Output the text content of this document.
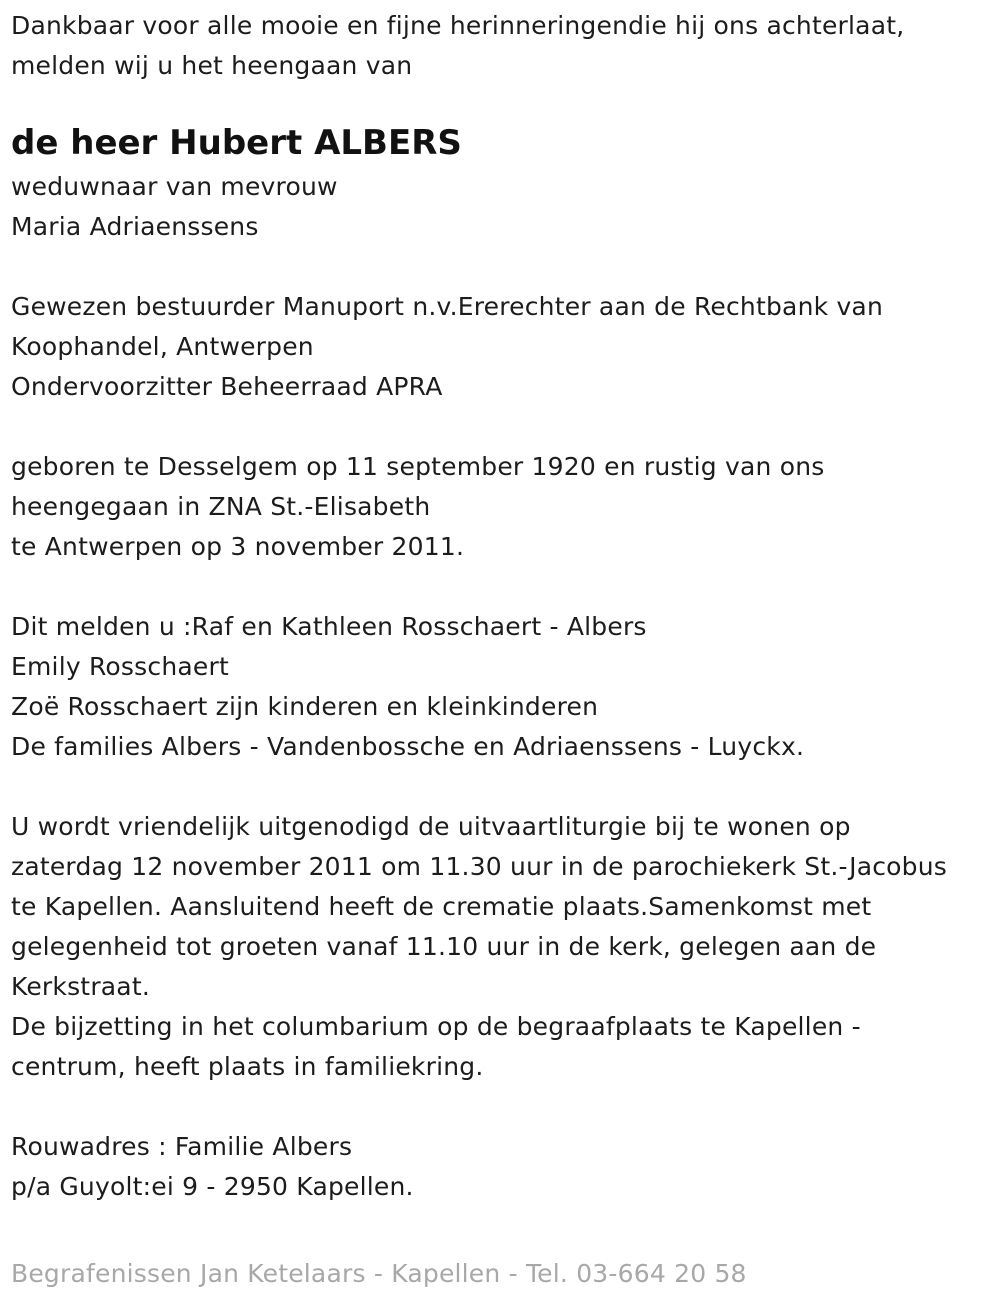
Dankbaar voor alle mooie en fijne herinneringendie hij ons achterlaat,
melden wij u het heengaan van
de heer Hubert ALBERS
weduwnaar van mevrouw
Maria Adriaenssens
Gewezen bestuurder Manuport n.v.Ererechter aan de Rechtbank van
Koophandel, Antwerpen
Ondervoorzitter Beheerraad APRA
geboren te Desselgem op 11 september 1920 en rustig van ons
heengegaan in ZNA St.-Elisabeth
te Antwerpen op 3 november 2011.
Dit melden u :Raf en Kathleen Rosschaert - Albers
Emily Rosschaert
Zoë Rosschaert zijn kinderen en kleinkinderen
De families Albers - Vandenbossche en Adriaenssens - Luyckx.
U wordt vriendelijk uitgenodigd de uitvaartliturgie bij te wonen op
zaterdag 12 november 2011 om 11.30 uur in de parochiekerk St.-Jacobus
te Kapellen. Aansluitend heeft de crematie plaats.Samenkomst met
gelegenheid tot groeten vanaf 11.10 uur in de kerk, gelegen aan de
Kerkstraat.
De bijzetting in het columbarium op de begraafplaats te Kapellen -
centrum, heeft plaats in familiekring.
Rouwadres : Familie Albers
p/a Guyolt:ei 9 - 2950 Kapellen.
Begrafenissen Jan Ketelaars - Kapellen - Tel. 03-664 20 58
